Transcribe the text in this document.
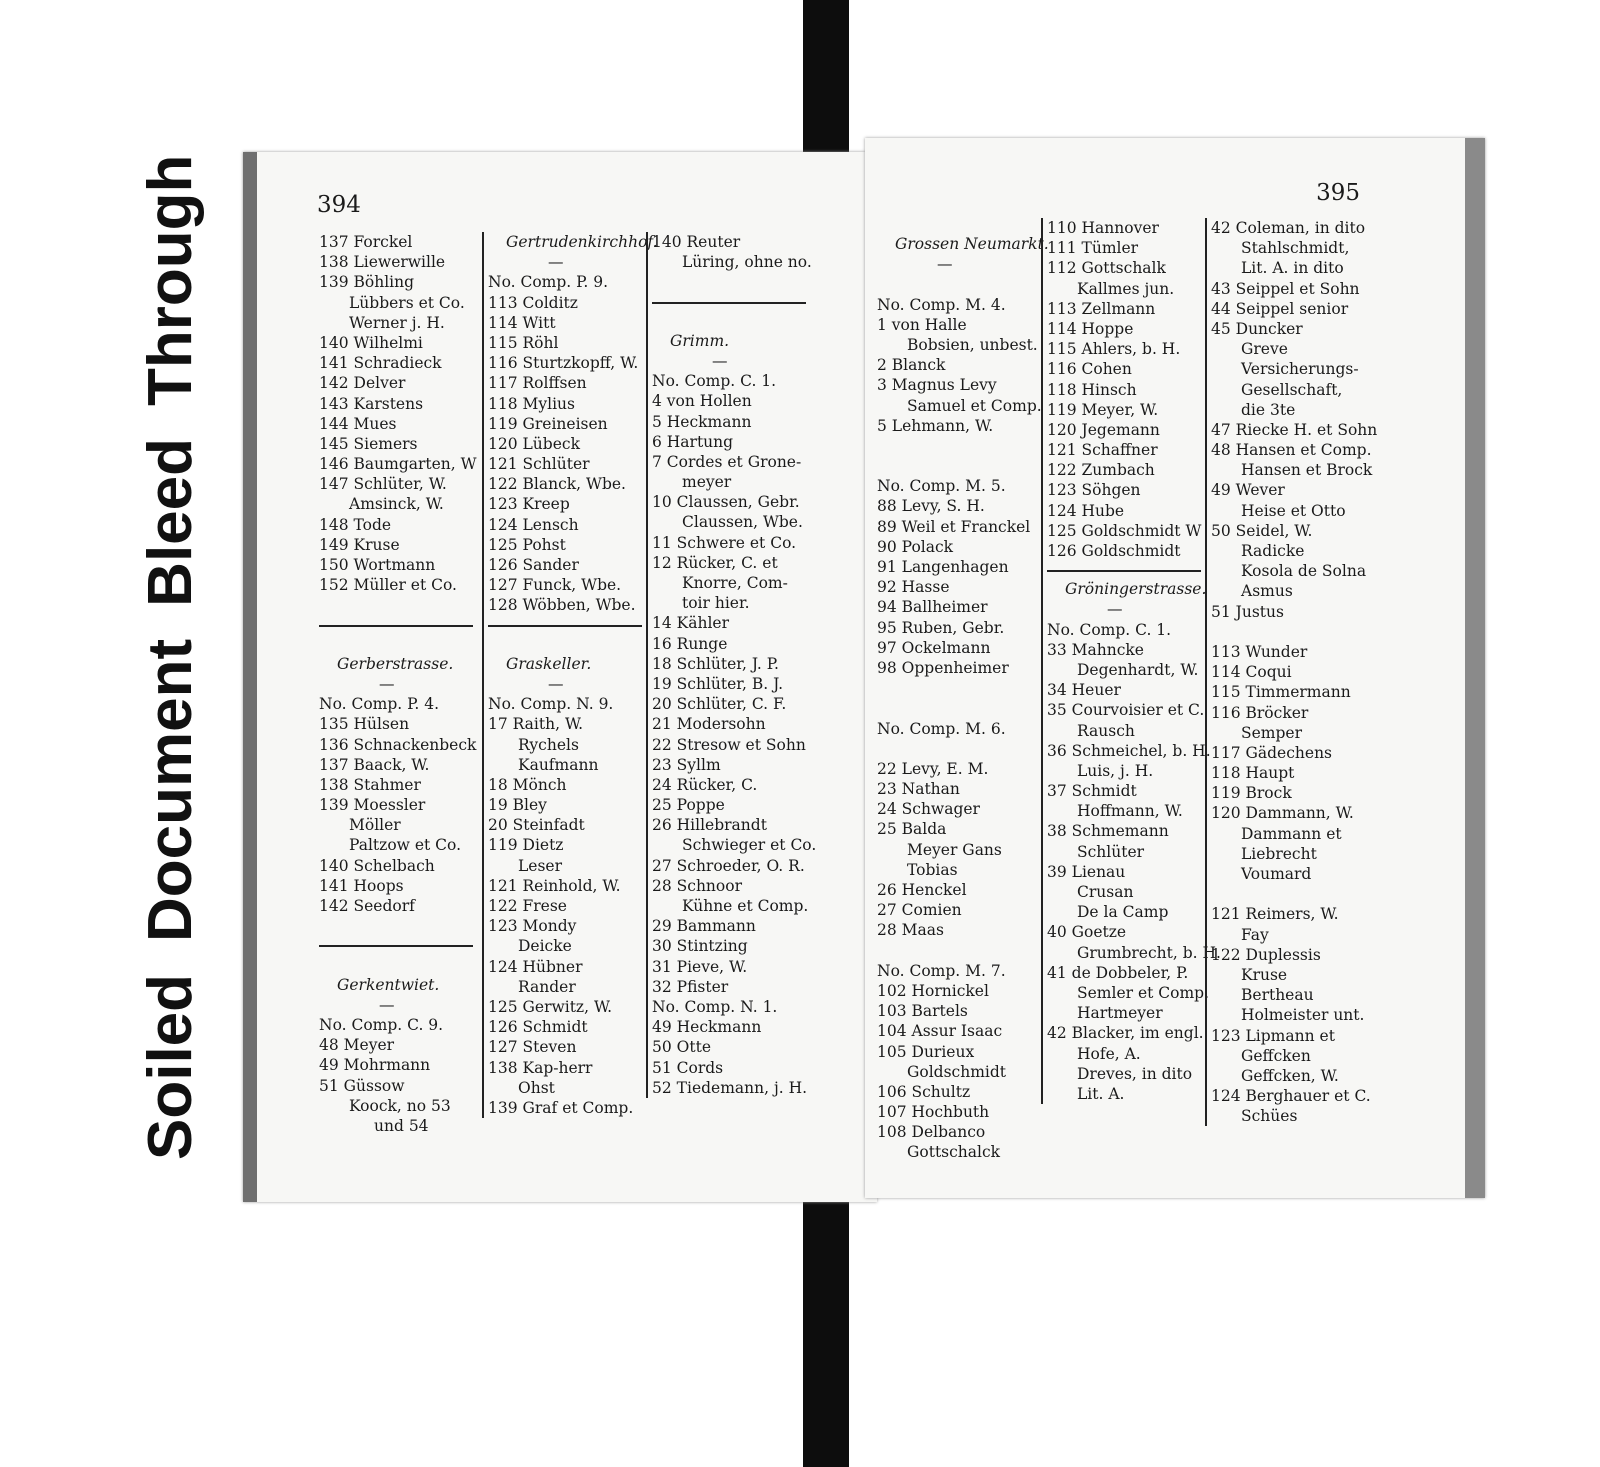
SoiledDocumentBleedThrough	394
137 Forckel
138 Liewerwille
139 Böhling
Lübbers et Co.
Werner j. H.
140 Wilhelmi
141 Schradieck
142 Delver
143 Karstens
144 Mues
145 Siemers
146 Baumgarten, W
147 Schlüter, W.
Amsinck, W.
148 Tode
149 Kruse
150 Wortmann
152 Müller et Co.
Gerberstrasse.
—
No. Comp. P. 4.
135 Hülsen
136 Schnackenbeck
137 Baack, W.
138 Stahmer
139 Moessler
Möller
Paltzow et Co.
140 Schelbach
141 Hoops
142 Seedorf
Gerkentwiet.
—
No. Comp. C. 9.
48 Meyer
49 Mohrmann
51 Güssow
Koock, no 53
und 54
Gertrudenkirchhof.
—
No. Comp. P. 9.
113 Colditz
114 Witt
115 Röhl
116 Sturtzkopff, W.
117 Rolffsen
118 Mylius
119 Greineisen
120 Lübeck
121 Schlüter
122 Blanck, Wbe.
123 Kreep
124 Lensch
125 Pohst
126 Sander
127 Funck, Wbe.
128 Wöbben, Wbe.
Graskeller.
—
No. Comp. N. 9.
17 Raith, W.
Rychels
Kaufmann
18 Mönch
19 Bley
20 Steinfadt
119 Dietz
Leser
121 Reinhold, W.
122 Frese
123 Mondy
Deicke
124 Hübner
Rander
125 Gerwitz, W.
126 Schmidt
127 Steven
138 Kap-herr
Ohst
139 Graf et Comp.
140 Reuter
Lüring, ohne no.
Grimm.
—
No. Comp. C. 1.
4 von Hollen
5 Heckmann
6 Hartung
7 Cordes et Grone-
meyer
10 Claussen, Gebr.
Claussen, Wbe.
11 Schwere et Co.
12 Rücker, C. et
Knorre, Com-
toir hier.
14 Kähler
16 Runge
18 Schlüter, J. P.
19 Schlüter, B. J.
20 Schlüter, C. F.
21 Modersohn
22 Stresow et Sohn
23 Syllm
24 Rücker, C.
25 Poppe
26 Hillebrandt
Schwieger et Co.
27 Schroeder, O. R.
28 Schnoor
Kühne et Comp.
29 Bammann
30 Stintzing
31 Pieve, W.
32 Pfister
No. Comp. N. 1.
49 Heckmann
50 Otte
51 Cords
52 Tiedemann, j. H.
395
Grossen Neumarkt.
—
No. Comp. M. 4.
1 von Halle
Bobsien, unbest.
2 Blanck
3 Magnus Levy
Samuel et Comp.
5 Lehmann, W.
No. Comp. M. 5.
88 Levy, S. H.
89 Weil et Franckel
90 Polack
91 Langenhagen
92 Hasse
94 Ballheimer
95 Ruben, Gebr.
97 Ockelmann
98 Oppenheimer
No. Comp. M. 6.
22 Levy, E. M.
23 Nathan
24 Schwager
25 Balda
Meyer Gans
Tobias
26 Henckel
27 Comien
28 Maas
No. Comp. M. 7.
102 Hornickel
103 Bartels
104 Assur Isaac
105 Durieux
Goldschmidt
106 Schultz
107 Hochbuth
108 Delbanco
Gottschalck
110 Hannover
111 Tümler
112 Gottschalk
Kallmes jun.
113 Zellmann
114 Hoppe
115 Ahlers, b. H.
116 Cohen
118 Hinsch
119 Meyer, W.
120 Jegemann
121 Schaffner
122 Zumbach
123 Söhgen
124 Hube
125 Goldschmidt W
126 Goldschmidt
Gröningerstrasse.
—
No. Comp. C. 1.
33 Mahncke
Degenhardt, W.
34 Heuer
35 Courvoisier et C.
Rausch
36 Schmeichel, b. H.
Luis, j. H.
37 Schmidt
Hoffmann, W.
38 Schmemann
Schlüter
39 Lienau
Crusan
De la Camp
40 Goetze
Grumbrecht, b. H.
41 de Dobbeler, P.
Semler et Comp.
Hartmeyer
42 Blacker, im engl.
Hofe, A.
Dreves, in dito
Lit. A.
42 Coleman, in dito
Stahlschmidt,
Lit. A. in dito
43 Seippel et Sohn
44 Seippel senior
45 Duncker
Greve
Versicherungs-
Gesellschaft,
die 3te
47 Riecke H. et Sohn
48 Hansen et Comp.
Hansen et Brock
49 Wever
Heise et Otto
50 Seidel, W.
Radicke
Kosola de Solna
Asmus
51 Justus
113 Wunder
114 Coqui
115 Timmermann
116 Bröcker
Semper
117 Gädechens
118 Haupt
119 Brock
120 Dammann, W.
Dammann et
Liebrecht
Voumard
121 Reimers, W.
Fay
122 Duplessis
Kruse
Bertheau
Holmeister unt.
123 Lipmann et
Geffcken
Geffcken, W.
124 Berghauer et C.
Schües
